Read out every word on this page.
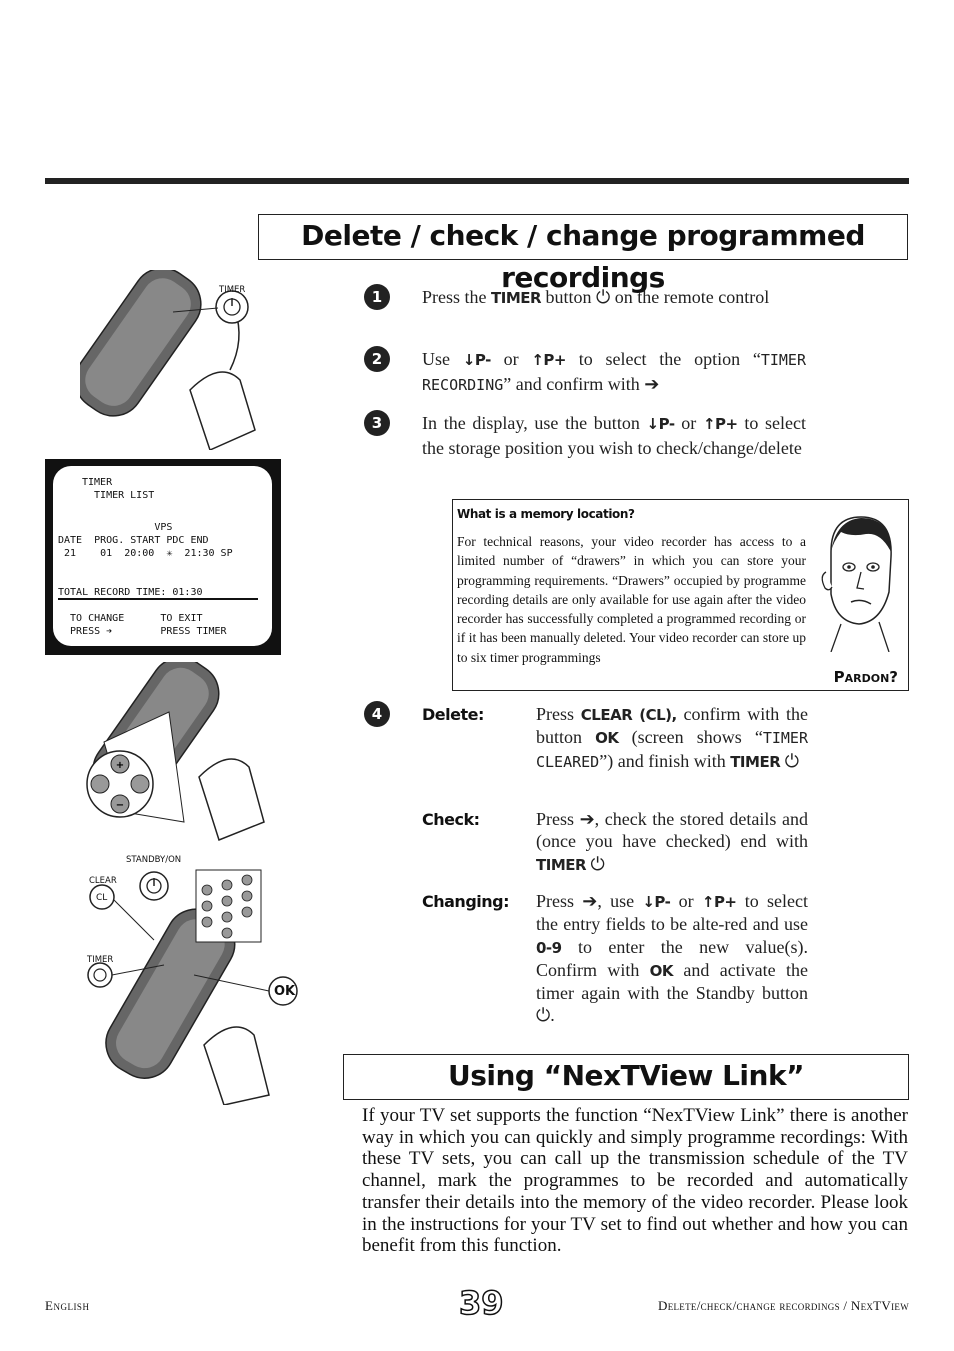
Delete / check / change programmed recordings
TIMER
TIMER
TIMER LIST
VPS
DATE  PROG. START PDC END
21    01  20:00  ✳  21:30 SP
TOTAL RECORD TIME: 01:30
TO CHANGE      TO EXIT
PRESS ➔        PRESS TIMER
+
−
STANDBY/ON
CLEAR
CL
TIMER
OK
1	Press the TIMER button ⏻ on the remote control
2	Use ↓P- or ↑P+ to select the option “TIMER RECORDING” and confirm with ➔
3	In the display, use the button ↓P- or ↑P+ to select the storage position you wish to check/change/delete
What is a memory location?
For technical reasons, your video recorder has access to a limited number of “drawers” in which you can store your programming requirements. “Drawers” occupied by programme recording details are only available for use again after the video recorder has successfully completed a programmed recording or if it has been manually deleted. Your video recorder can store up to six timer programmings
Pardon?
4	Delete:	Press CLEAR (CL), confirm with the button OK (screen shows “TIMER CLEARED”) and finish with TIMER ⏻
Check:	Press ➔, check the stored details and (once you have checked) end with TIMER ⏻
Changing: Press ➔, use ↓P- or ↑P+ to select the entry fields to be alte-red and use 0-9 to enter the new value(s). Confirm with OK and activate the timer again with the Standby button ⏻.
Using “NexTView Link”
If your TV set supports the function “NexTView Link” there is another way in which you can quickly and simply programme recordings: With these TV sets, you can call up the transmission schedule of the TV channel, mark the programmes to be recorded and automatically transfer their details into the memory of the video recorder. Please look in the instructions for your TV set to find out whether and how you can benefit from this function.
English	39	Delete/check/change recordings / NexTView
